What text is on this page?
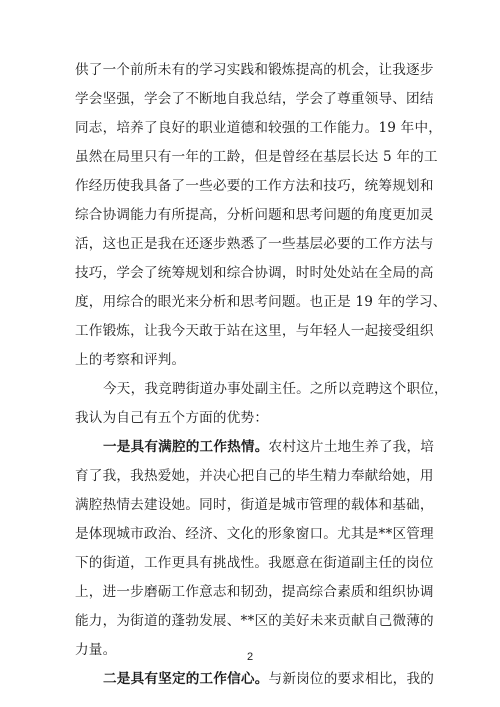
供了一个前所未有的学习实践和锻炼提高的机会，让我逐步
学会坚强，学会了不断地自我总结，学会了尊重领导、团结
同志，培养了良好的职业道德和较强的工作能力。19 年中，
虽然在局里只有一年的工龄，但是曾经在基层长达 5 年的工
作经历使我具备了一些必要的工作方法和技巧，统筹规划和
综合协调能力有所提高，分析问题和思考问题的角度更加灵
活，这也正是我在还逐步熟悉了一些基层必要的工作方法与
技巧，学会了统筹规划和综合协调，时时处处站在全局的高
度，用综合的眼光来分析和思考问题。也正是 19 年的学习、
工作锻炼，让我今天敢于站在这里，与年轻人一起接受组织
上的考察和评判。
今天，我竞聘街道办事处副主任。之所以竞聘这个职位，
我认为自己有五个方面的优势：
一是具有满腔的工作热情。农村这片土地生养了我，培
育了我，我热爱她，并决心把自己的毕生精力奉献给她，用
满腔热情去建设她。同时，街道是城市管理的载体和基础，
是体现城市政治、经济、文化的形象窗口。尤其是**区管理
下的街道，工作更具有挑战性。我愿意在街道副主任的岗位
上，进一步磨砺工作意志和韧劲，提高综合素质和组织协调
能力，为街道的蓬勃发展、**区的美好未来贡献自己微薄的
力量。
二是具有坚定的工作信心。与新岗位的要求相比，我的
2
